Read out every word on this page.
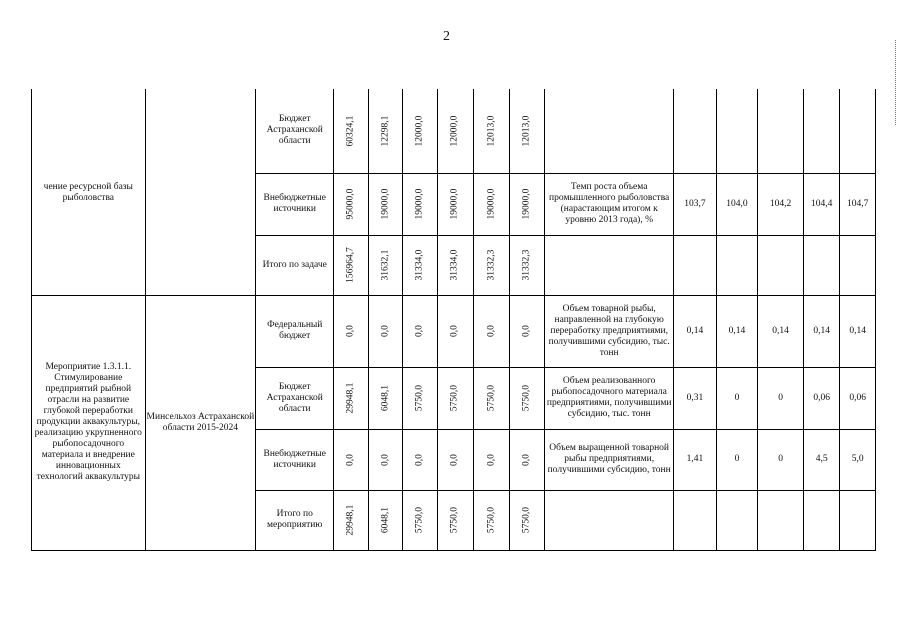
2
чение ресурсной базы рыболовства		Бюджет Астраханской области	60324,1	12298,1	12000,0	12000,0	12013,0	12013,0						

		Внебюджетные источники	95000,0	19000,0	19000,0	19000,0	19000,0	19000,0	Темп роста объема промышленного рыболовства (нарастающим итогом к уровню 2013 года), %	103,7	104,0	104,2	104,4	104,7
		Итого по задаче	156964,7	31632,1	31334,0	31334,0	31332,3	31332,3						

Мероприятие 1.3.1.1. Стимулирование предприятий рыбной отрасли на развитие глубокой переработки продукции аквакультуры, реализацию укрупненного рыбопосадочного материала и внедрение инновационных технологий аквакультуры	Минсельхоз Астраханской области 2015-2024	Федеральный бюджет	0,0	0,0	0,0	0,0	0,0	0,0	Объем товарной рыбы, направленной на глубокую переработку предприятиями, получившими субсидию, тыс. тонн	0,14	0,14	0,14	0,14	0,14
		Бюджет Астраханской области	29948,1	6048,1	5750,0	5750,0	5750,0	5750,0	Объем реализованного рыбопосадочного материала предприятиями, получившими субсидию, тыс. тонн	0,31	0	0	0,06	0,06
		Внебюджетные источники	0,0	0,0	0,0	0,0	0,0	0,0	Объем выращенной товарной рыбы предприятиями, получившими субсидию, тонн	1,41	0	0	4,5	5,0
		Итого по мероприятию	29948,1	6048,1	5750,0	5750,0	5750,0	5750,0						
